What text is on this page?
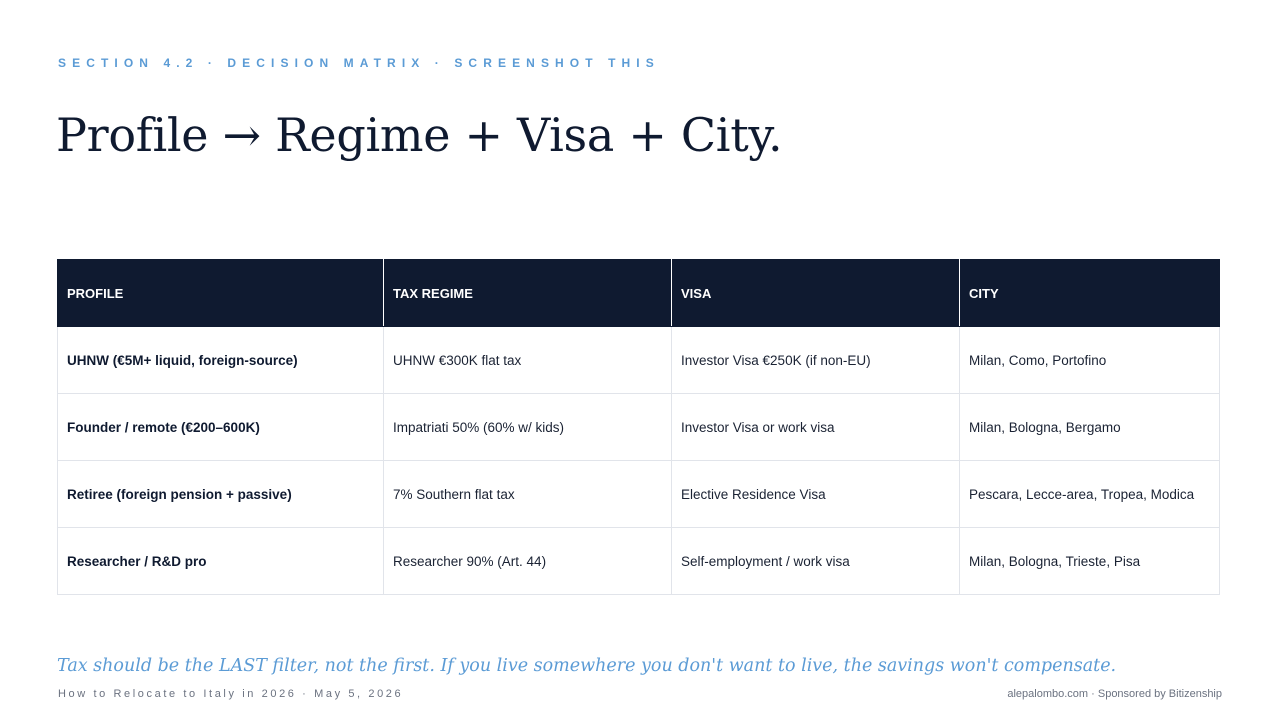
SECTION 4.2 · DECISION MATRIX · SCREENSHOT THIS
Profile → Regime + Visa + City.
PROFILE	TAX REGIME	VISA	CITY
UHNW (€5M+ liquid, foreign-source)	UHNW €300K flat tax	Investor Visa €250K (if non-EU)	Milan, Como, Portofino
Founder / remote (€200–600K)	Impatriati 50% (60% w/ kids)	Investor Visa or work visa	Milan, Bologna, Bergamo
Retiree (foreign pension + passive)	7% Southern flat tax	Elective Residence Visa	Pescara, Lecce-area, Tropea, Modica
Researcher / R&D pro	Researcher 90% (Art. 44)	Self-employment / work visa	Milan, Bologna, Trieste, Pisa

Tax should be the LAST filter, not the first. If you live somewhere you don't want to live, the savings won't compensate.

How to Relocate to Italy in 2026 · May 5, 2026	alepalombo.com · Sponsored by Bitizenship
